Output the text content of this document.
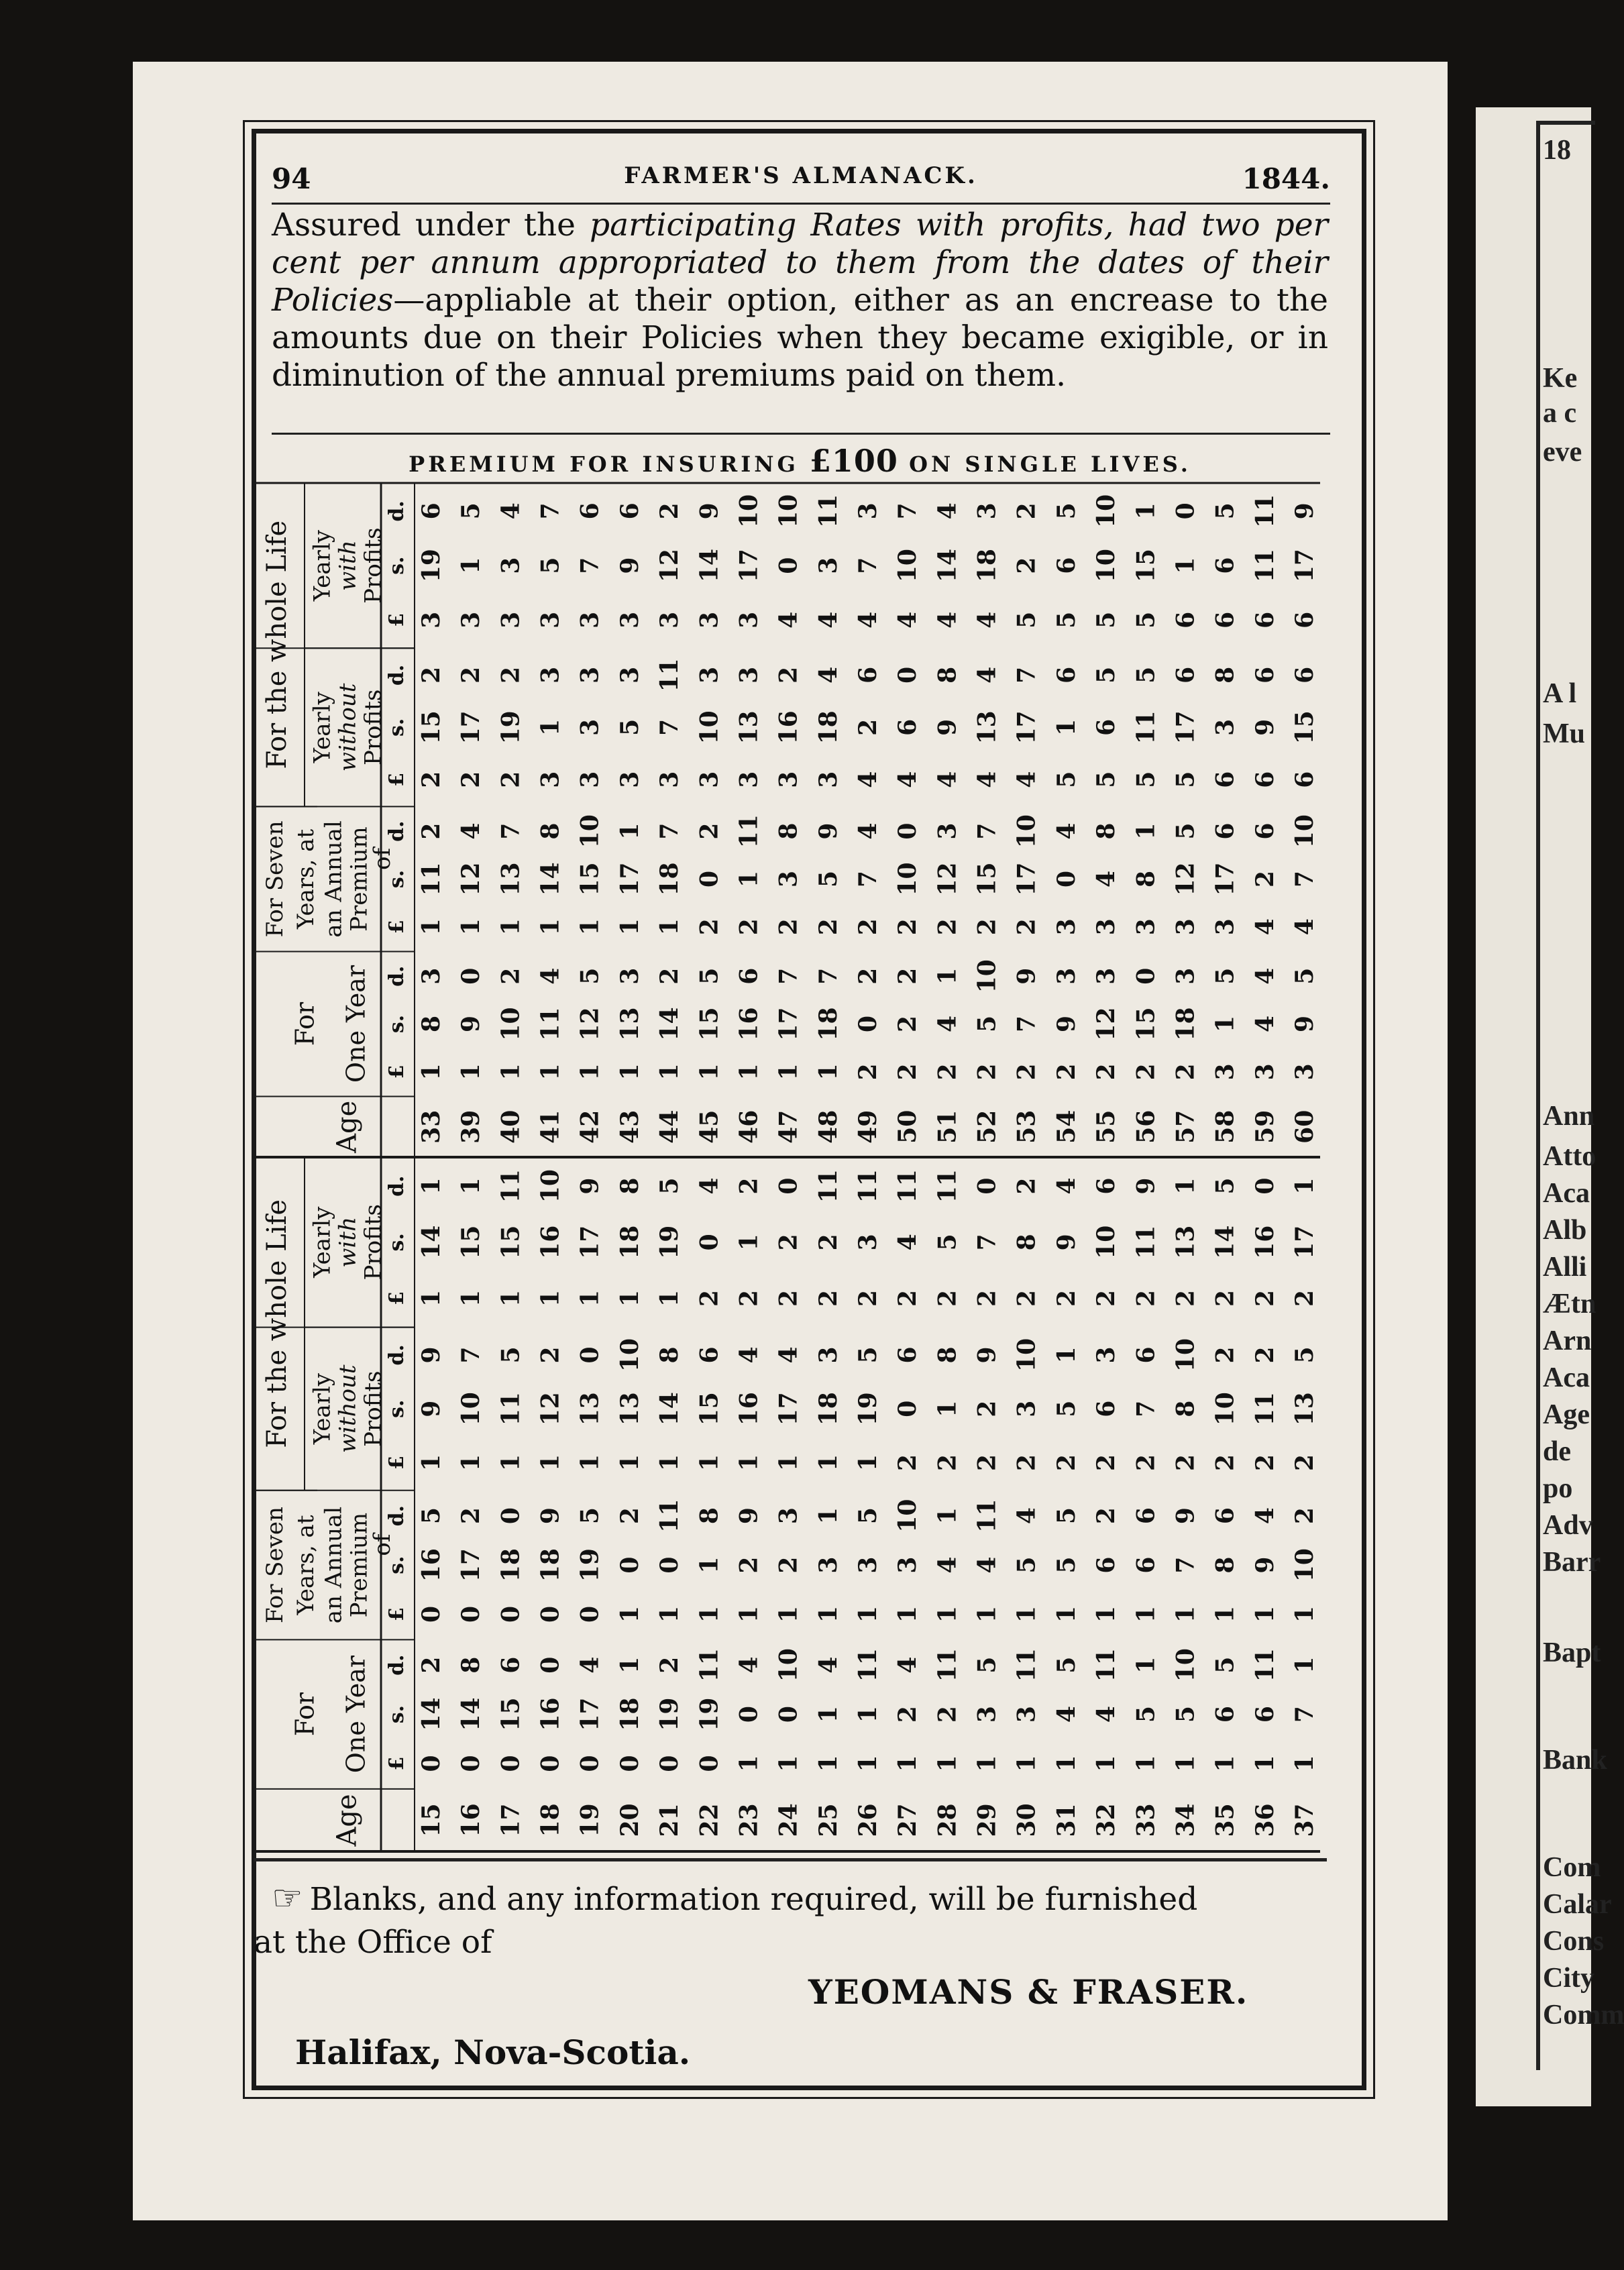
18
Ke
a c
eve
A l
Mu
Ann
Atto
Aca
Alb
Alli
Ætn
Arn
Aca
Age
de
po
Adv
Barr
Bapt
Bank
Com
Calar
Cons
City
Comm
94	FARMER'S ALMANACK.	1844.
Assured under the participating Rates with profits, had two per cent per annum appropriated to them from the dates of their Policies—appliable at their option, either as an encrease to the amounts due on their Policies when they became exigible, or in diminution of the annual premiums paid on them.
PREMIUM FOR INSURING £100 ON SINGLE LIVES.
Age
For One Year
For Seven Years, at an Annual
Premium
of
For the whole Life Yearly
without
Profits
Yearly
with
Profits
£
s.
d.
£
s.
d.
£
s.
d.
£
s.
d.
15
0
14
2
0
16
5
1
9
9
1
14
1
16
0
14
8
0
17
2
1
10
7
1
15
1
17
0
15
6
0
18
0
1
11
5
1
15
11
18
0
16
0
0
18
9
1
12
2
1
16
10
19
0
17
4
0
19
5
1
13
0
1
17
9
20
0
18
1
1
0
2
1
13
10
1
18
8
21
0
19
2
1
0
11
1
14
8
1
19
5
22
0
19
11
1
1
8
1
15
6
2
0
4
23
1
0
4
1
2
9
1
16
4
2
1
2
24
1
0
10
1
2
3
1
17
4
2
2
0
25
1
1
4
1
3
1
1
18
3
2
2
11
26
1
1
11
1
3
5
1
19
5
2
3
11
27
1
2
4
1
3
10
2
0
6
2
4
11
28
1
2
11
1
4
1
2
1
8
2
5
11
29
1
3
5
1
4
11
2
2
9
2
7
0
30
1
3
11
1
5
4
2
3
10
2
8
2
31
1
4
5
1
5
5
2
5
1
2
9
4
32
1
4
11
1
6
2
2
6
3
2
10
6
33
1
5
1
1
6
6
2
7
6
2
11
9
34
1
5
10
1
7
9
2
8
10
2
13
1
35
1
6
5
1
8
6
2
10
2
2
14
5
36
1
6
11
1
9
4
2
11
2
2
16
0
37
1
7
1
1
10
2
2
13
5
2
17
1
Age
For One Year
For Seven Years, at an Annual
Premium
of
For the whole Life Yearly
without
Profits
Yearly
with
Profits
£
s.
d.
£
s.
d.
£
s.
d.
£
s.
d.
33
1
8
3
1
11
2
2
15
2
3
19
6
39
1
9
0
1
12
4
2
17
2
3
1
5
40
1
10
2
1
13
7
2
19
2
3
3
4
41
1
11
4
1
14
8
3
1
3
3
5
7
42
1
12
5
1
15
10
3
3
3
3
7
6
43
1
13
3
1
17
1
3
5
3
3
9
6
44
1
14
2
1
18
7
3
7
11
3
12
2
45
1
15
5
2
0
2
3
10
3
3
14
9
46
1
16
6
2
1
11
3
13
3
3
17
10
47
1
17
7
2
3
8
3
16
2
4
0
10
48
1
18
7
2
5
9
3
18
4
4
3
11
49
2
0
2
2
7
4
4
2
6
4
7
3
50
2
2
2
2
10
0
4
6
0
4
10
7
51
2
4
1
2
12
3
4
9
8
4
14
4
52
2
5
10
2
15
7
4
13
4
4
18
3
53
2
7
9
2
17
10
4
17
7
5
2
2
54
2
9
3
3
0
4
5
1
6
5
6
5
55
2
12
3
3
4
8
5
6
5
5
10
10
56
2
15
0
3
8
1
5
11
5
5
15
1
57
2
18
3
3
12
5
5
17
6
6
1
0
58
3
1
5
3
17
6
6
3
8
6
6
5
59
3
4
4
4
2
6
6
9
6
6
11
11
60
3
9
5
4
7
10
6
15
6
6
17
9
☞ Blanks, and any information required, will be furnished
at the Office of
YEOMANS & FRASER.
Halifax, Nova-Scotia.
